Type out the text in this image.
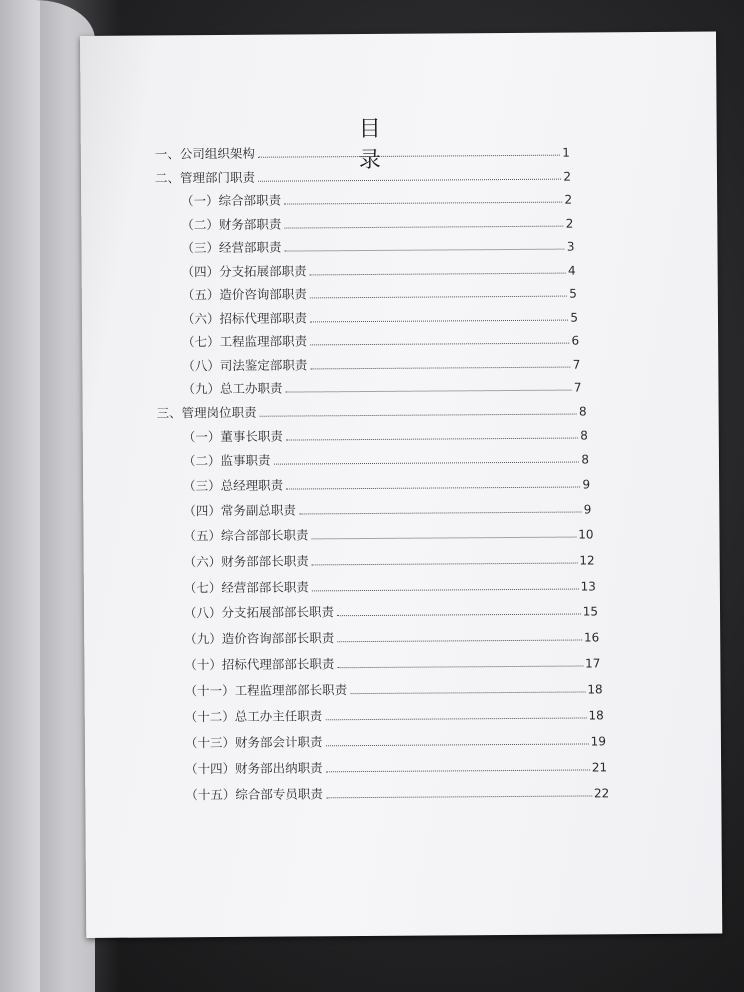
目 录
一、公司组织架构	1
二、管理部门职责	2
（一）综合部职责	2
（二）财务部职责	2
（三）经营部职责	3
（四）分支拓展部职责	4
（五）造价咨询部职责	5
（六）招标代理部职责	5
（七）工程监理部职责	6
（八）司法鉴定部职责	7
（九）总工办职责	7
三、管理岗位职责	8
（一）董事长职责	8
（二）监事职责	8
（三）总经理职责	9
（四）常务副总职责	9
（五）综合部部长职责	10
（六）财务部部长职责	12
（七）经营部部长职责	13
（八）分支拓展部部长职责	15
（九）造价咨询部部长职责	16
（十）招标代理部部长职责	17
（十一）工程监理部部长职责	18
（十二）总工办主任职责	18
（十三）财务部会计职责	19
（十四）财务部出纳职责	21
（十五）综合部专员职责	22
